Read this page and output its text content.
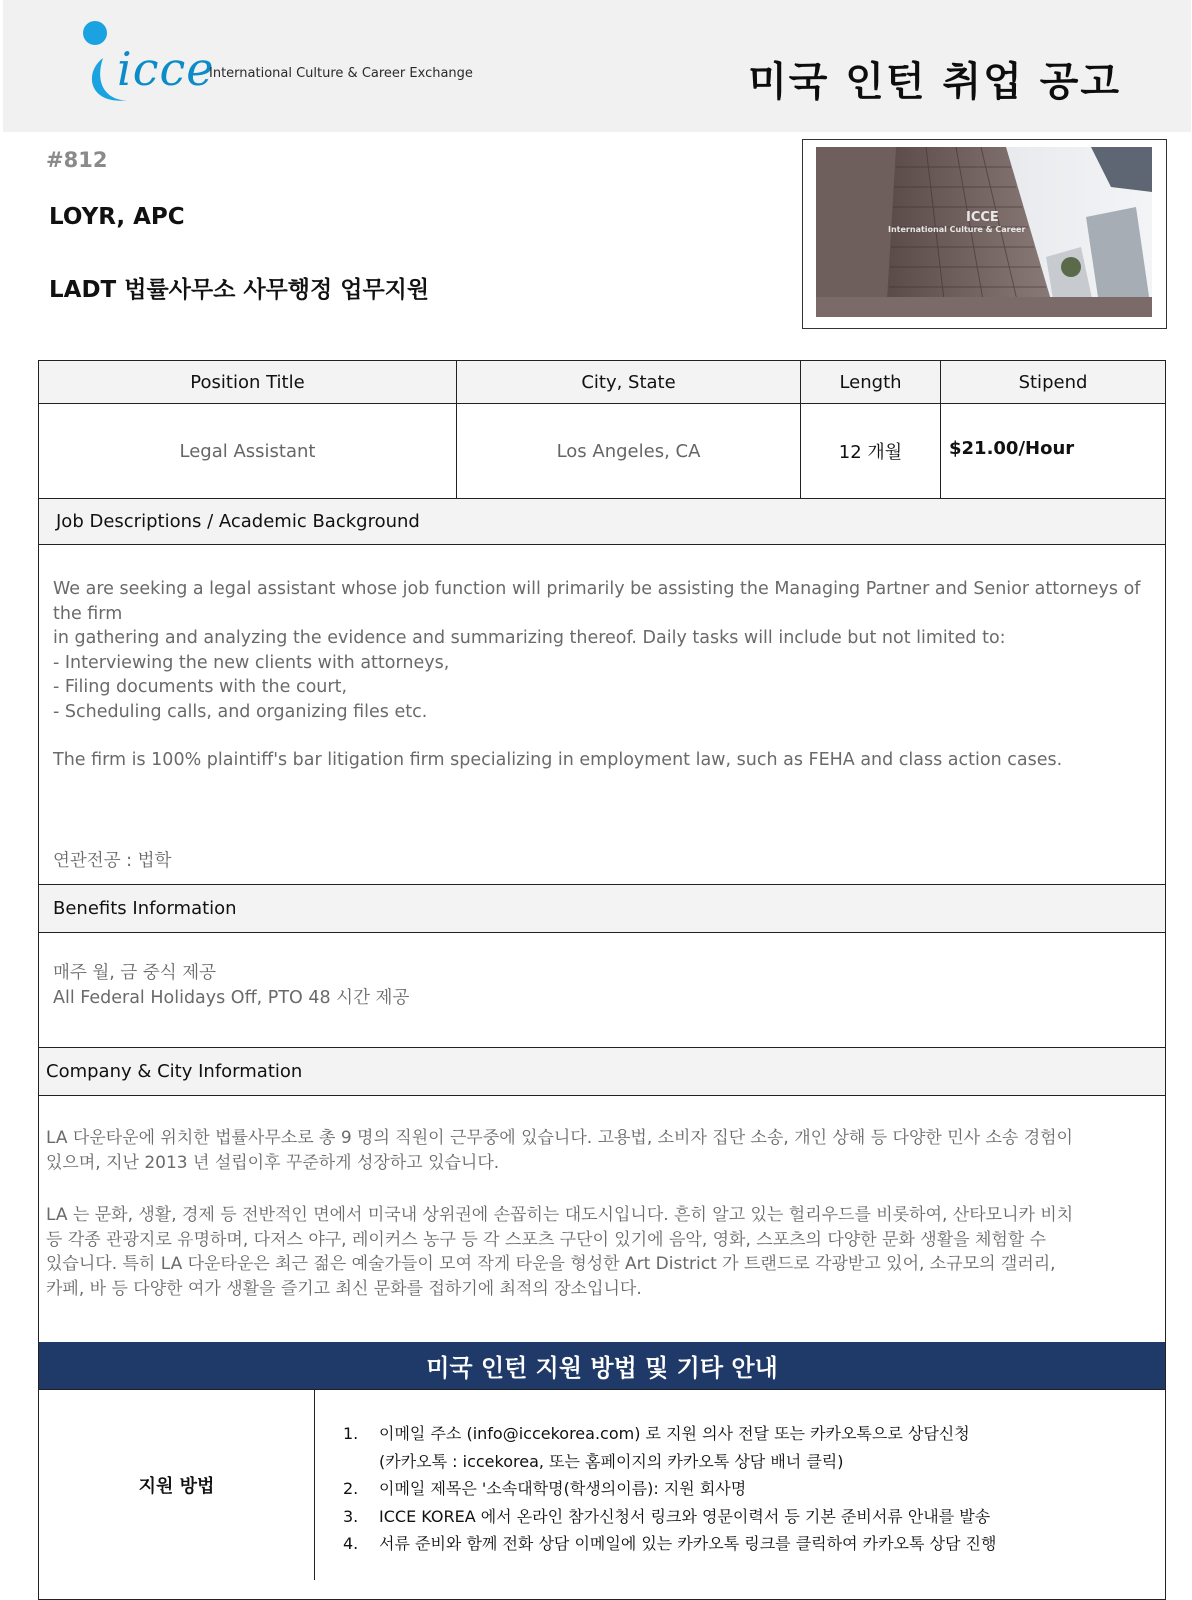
icce
International Culture & Career Exchange	미국 인턴 취업 공고
#812
LOYR, APC
LADT 법률사무소 사무행정 업무지원
ICCE
International Culture & Career
Position Title	City, State	Length	Stipend
Legal Assistant	Los Angeles, CA	12 개월	$21.00/Hour
Job Descriptions / Academic Background

We are seeking a legal assistant whose job function will primarily be assisting the Managing Partner and Senior attorneys of the firm

in gathering and analyzing the evidence and summarizing thereof. Daily tasks will include but not limited to:

- Interviewing the new clients with attorneys,

- Filing documents with the court,

- Scheduling calls, and organizing files etc.

The firm is 100% plaintiff's bar litigation firm specializing in employment law, such as FEHA and class action cases.

연관전공 : 법학

Benefits Information

매주 월, 금 중식 제공

All Federal Holidays Off, PTO 48 시간 제공

Company & City Information

LA 다운타운에 위치한 법률사무소로 총 9 명의 직원이 근무중에 있습니다. 고용법, 소비자 집단 소송, 개인 상해 등 다양한 민사 소송 경험이

있으며, 지난 2013 년 설립이후 꾸준하게 성장하고 있습니다.

LA 는 문화, 생활, 경제 등 전반적인 면에서 미국내 상위권에 손꼽히는 대도시입니다. 흔히 알고 있는 헐리우드를 비롯하여, 산타모니카 비치

등 각종 관광지로 유명하며, 다저스 야구, 레이커스 농구 등 각 스포츠 구단이 있기에 음악, 영화, 스포츠의 다양한 문화 생활을 체험할 수

있습니다. 특히 LA 다운타운은 최근 젊은 예술가들이 모여 작게 타운을 형성한 Art District 가 트랜드로 각광받고 있어, 소규모의 갤러리,

카페, 바 등 다양한 여가 생활을 즐기고 최신 문화를 접하기에 최적의 장소입니다.

미국 인턴 지원 방법 및 기타 안내
지원 방법
1.	이메일 주소 (info@iccekorea.com) 로 지원 의사 전달 또는 카카오톡으로 상담신청
(카카오톡 : iccekorea, 또는 홈페이지의 카카오톡 상담 배너 클릭)
2.	이메일 제목은 '소속대학명(학생의이름): 지원 회사명
3.	ICCE KOREA 에서 온라인 참가신청서 링크와 영문이력서 등 기본 준비서류 안내를 발송
4.	서류 준비와 함께 전화 상담 이메일에 있는 카카오톡 링크를 클릭하여 카카오톡 상담 진행
